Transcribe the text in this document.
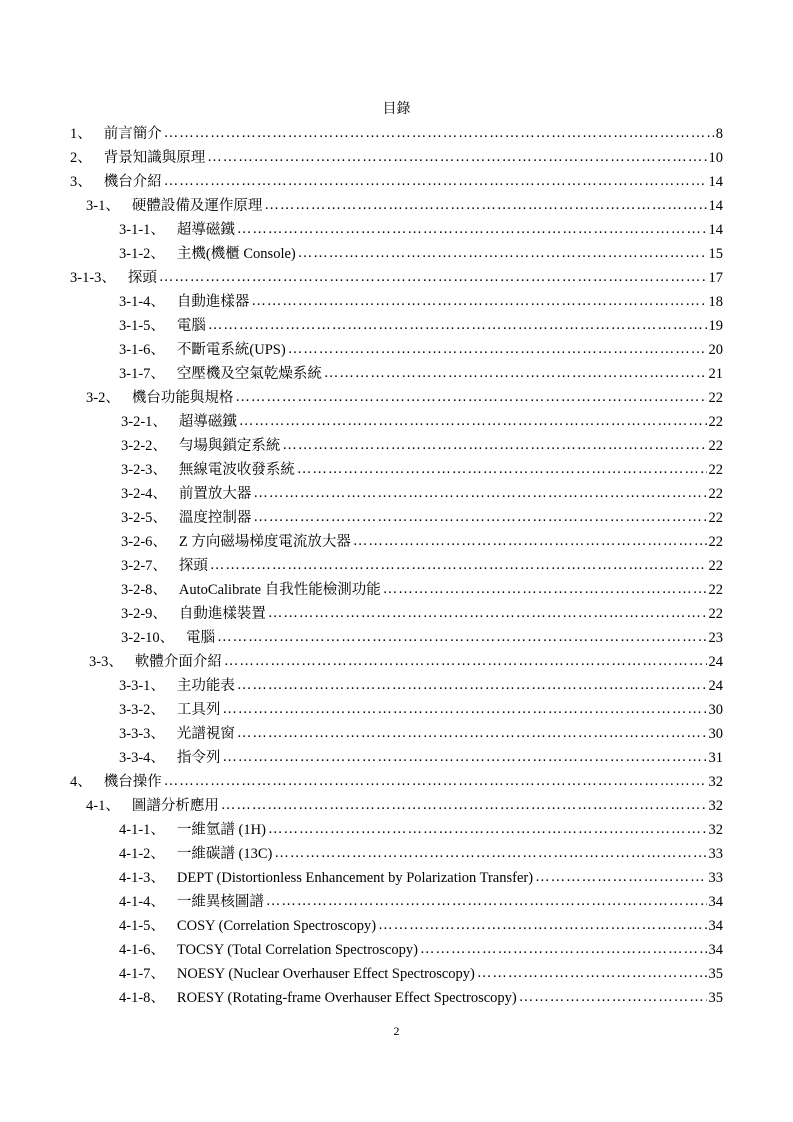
目錄
1、 前言簡介 …………………………………………………………………………………………………………………………………………………………	8
2、 背景知識與原理 …………………………………………………………………………………………………………………………………………………………	10
3、 機台介紹 …………………………………………………………………………………………………………………………………………………………	14
3-1、 硬體設備及運作原理 …………………………………………………………………………………………………………………………………………………………	14
3-1-1、 超導磁鐵 …………………………………………………………………………………………………………………………………………………………	14
3-1-2、 主機(機櫃 Console) …………………………………………………………………………………………………………………………………………………………	15
3-1-3、 探頭 …………………………………………………………………………………………………………………………………………………………	17
3-1-4、 自動進樣器 …………………………………………………………………………………………………………………………………………………………	18
3-1-5、 電腦 …………………………………………………………………………………………………………………………………………………………	19
3-1-6、 不斷電系統(UPS) …………………………………………………………………………………………………………………………………………………………	20
3-1-7、 空壓機及空氣乾燥系統 …………………………………………………………………………………………………………………………………………………………	21
3-2、 機台功能與規格 …………………………………………………………………………………………………………………………………………………………	22
3-2-1、 超導磁鐵 …………………………………………………………………………………………………………………………………………………………	22
3-2-2、 勻場與鎖定系統 …………………………………………………………………………………………………………………………………………………………	22
3-2-3、 無線電波收發系統 …………………………………………………………………………………………………………………………………………………………	22
3-2-4、 前置放大器 …………………………………………………………………………………………………………………………………………………………	22
3-2-5、 溫度控制器 …………………………………………………………………………………………………………………………………………………………	22
3-2-6、 Z 方向磁場梯度電流放大器 …………………………………………………………………………………………………………………………………………………………	22
3-2-7、 探頭 …………………………………………………………………………………………………………………………………………………………	22
3-2-8、 AutoCalibrate 自我性能檢測功能 …………………………………………………………………………………………………………………………………………………………	22
3-2-9、 自動進樣裝置 …………………………………………………………………………………………………………………………………………………………	22
3-2-10、 電腦 …………………………………………………………………………………………………………………………………………………………	23
3-3、 軟體介面介紹 …………………………………………………………………………………………………………………………………………………………	24
3-3-1、 主功能表 …………………………………………………………………………………………………………………………………………………………	24
3-3-2、 工具列 …………………………………………………………………………………………………………………………………………………………	30
3-3-3、 光譜視窗 …………………………………………………………………………………………………………………………………………………………	30
3-3-4、 指令列 …………………………………………………………………………………………………………………………………………………………	31
4、 機台操作 …………………………………………………………………………………………………………………………………………………………	32
4-1、 圖譜分析應用 …………………………………………………………………………………………………………………………………………………………	32
4-1-1、 一維氫譜 (1H) …………………………………………………………………………………………………………………………………………………………	32
4-1-2、 一維碳譜 (13C) …………………………………………………………………………………………………………………………………………………………	33
4-1-3、 DEPT (Distortionless Enhancement by Polarization Transfer) …………………………………………………………………………………………………………………………………………………………	33
4-1-4、 一維異核圖譜 …………………………………………………………………………………………………………………………………………………………	34
4-1-5、 COSY (Correlation Spectroscopy) …………………………………………………………………………………………………………………………………………………………	34
4-1-6、 TOCSY (Total Correlation Spectroscopy) …………………………………………………………………………………………………………………………………………………………	34
4-1-7、 NOESY (Nuclear Overhauser Effect Spectroscopy) …………………………………………………………………………………………………………………………………………………………	35
4-1-8、 ROESY (Rotating-frame Overhauser Effect Spectroscopy) …………………………………………………………………………………………………………………………………………………………	35
2
